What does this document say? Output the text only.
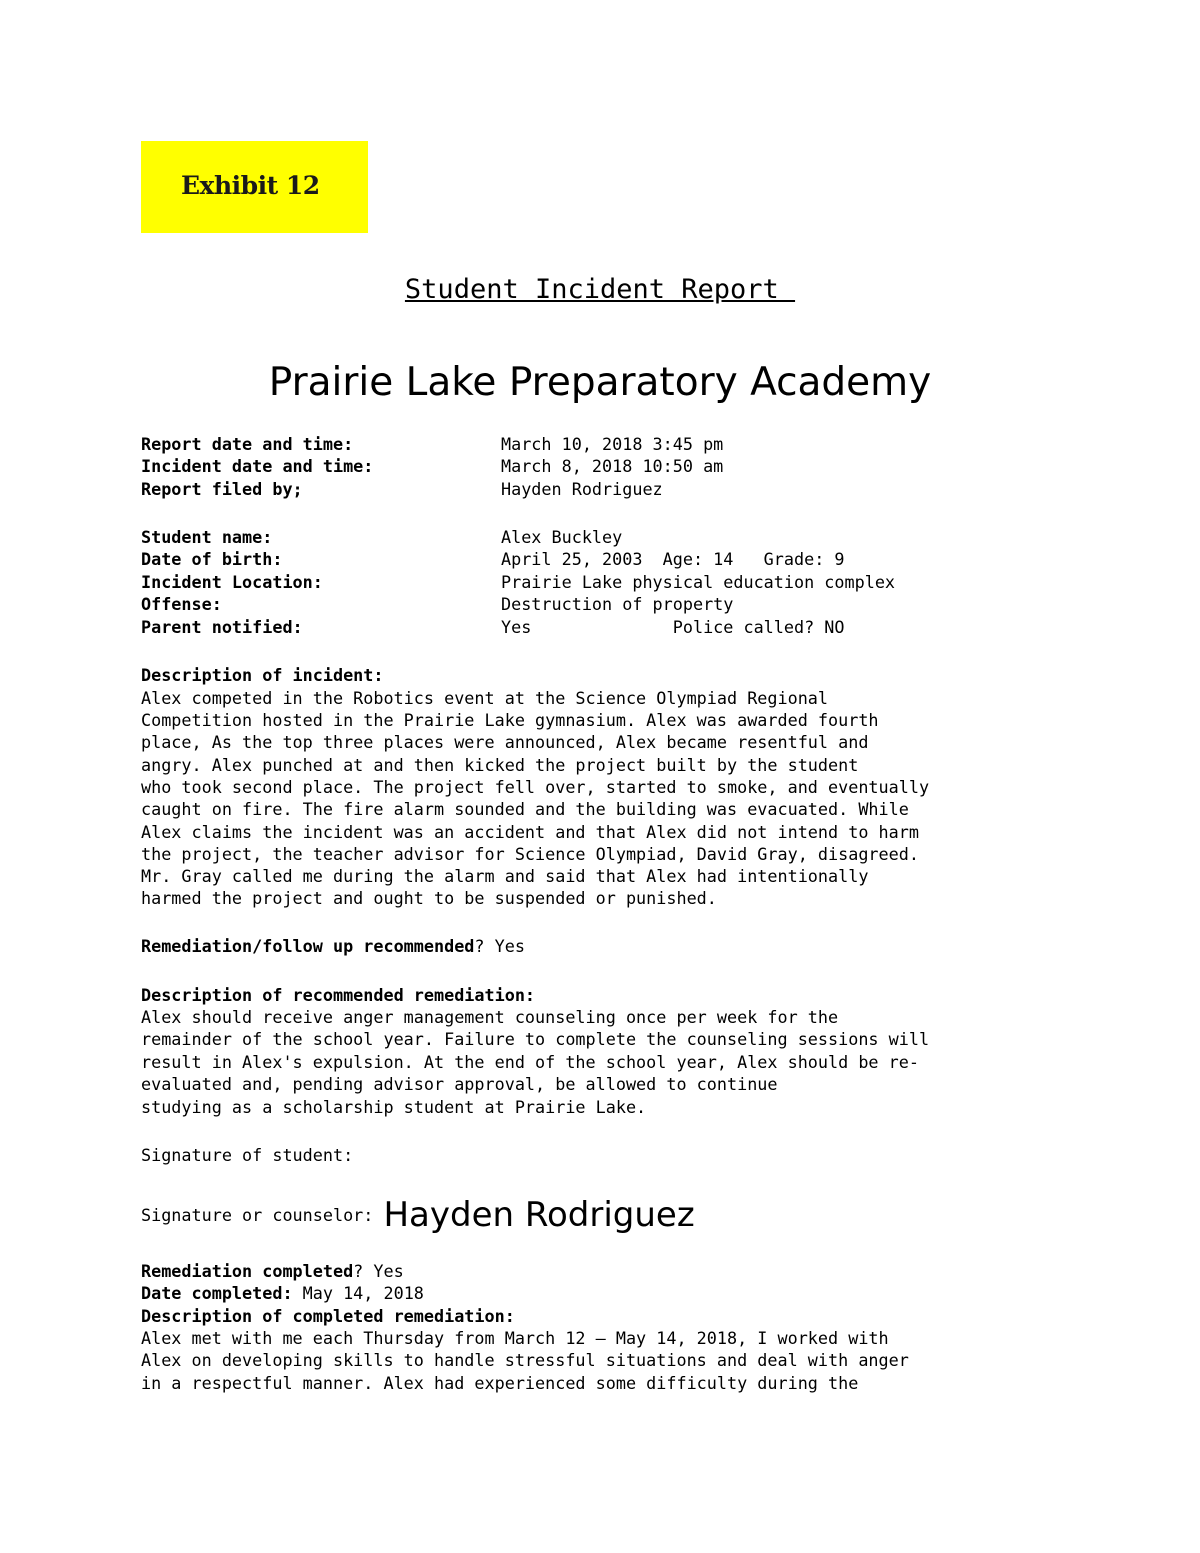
Exhibit 12
Student Incident Report
Prairie Lake Preparatory Academy

Report date and time:

	March 10, 2018 3:45 pm

Incident date and time:

	March 8, 2018 10:50 am

Report filed by;

	Hayden Rodriguez

Student name:

	Alex Buckley

Date of birth:

	April 25, 2003  Age: 14   Grade: 9

Incident Location:

	Prairie Lake physical education complex

Offense:

	Destruction of property

Parent notified:

	Yes              Police called? NO

Description of incident:
Alex competed in the Robotics event at the Science Olympiad Regional
Competition hosted in the Prairie Lake gymnasium. Alex was awarded fourth
place, As the top three places were announced, Alex became resentful and
angry. Alex punched at and then kicked the project built by the student
who took second place. The project fell over, started to smoke, and eventually
caught on fire. The fire alarm sounded and the building was evacuated. While
Alex claims the incident was an accident and that Alex did not intend to harm
the project, the teacher advisor for Science Olympiad, David Gray, disagreed.
Mr. Gray called me during the alarm and said that Alex had intentionally
harmed the project and ought to be suspended or punished.
Remediation/follow up recommended? Yes
Description of recommended remediation:
Alex should receive anger management counseling once per week for the
remainder of the school year. Failure to complete the counseling sessions will
result in Alex's expulsion. At the end of the school year, Alex should be re-
evaluated and, pending advisor approval, be allowed to continue
studying as a scholarship student at Prairie Lake.
Signature of student:
Signature or counselor: Hayden Rodriguez
Remediation completed? Yes
Date completed: May 14, 2018
Description of completed remediation:
Alex met with me each Thursday from March 12 – May 14, 2018, I worked with
Alex on developing skills to handle stressful situations and deal with anger
in a respectful manner. Alex had experienced some difficulty during the
